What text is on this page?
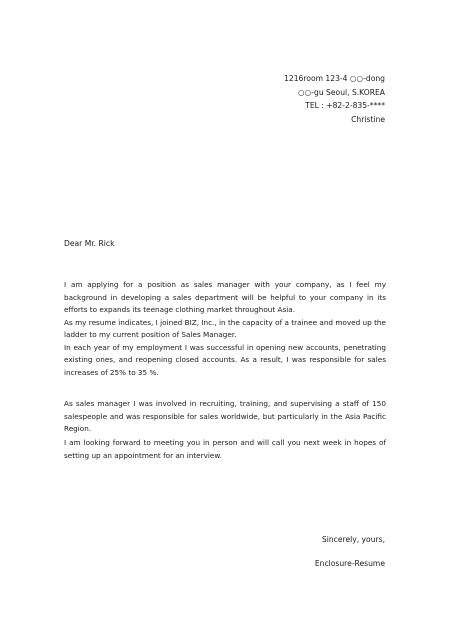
1216room 123-4 ○○-dong
○○-gu Seoul, S.KOREA
TEL : +82-2-835-****
Christine
Dear Mr. Rick

I am applying for a position as sales manager with your company, as I feel my background in developing a sales department will be helpful to your company in its efforts to expands its teenage clothing market throughout Asia.

As my resume indicates, I joined BIZ, Inc., in the capacity of a trainee and moved up the ladder to my current position of Sales Manager.

In each year of my employment I was successful in opening new accounts, penetrating existing ones, and reopening closed accounts. As a result, I was responsible for sales increases of 25% to 35 %.

As sales manager I was involved in recruiting, training, and supervising a staff of 150 salespeople and was responsible for sales worldwide, but particularly in the Asia Pacific Region.
I am looking forward to meeting you in person and will call you next week in hopes of setting up an appointment for an interview.
Sincerely, yours,
Enclosure-Resume
